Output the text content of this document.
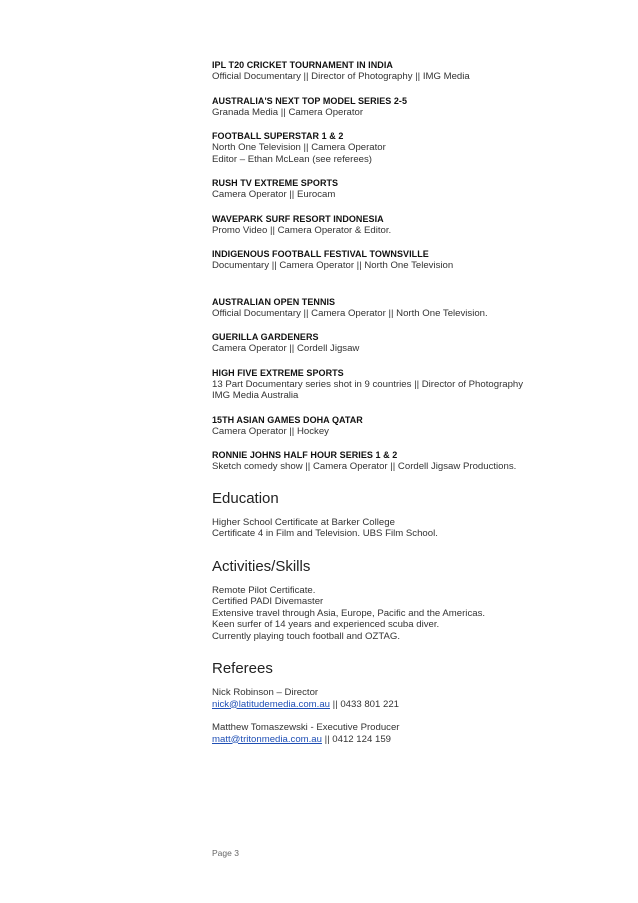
IPL T20 CRICKET TOURNAMENT IN INDIA
Official Documentary || Director of Photography || IMG Media
AUSTRALIA'S NEXT TOP MODEL SERIES 2-5
Granada Media || Camera Operator
FOOTBALL SUPERSTAR 1 & 2
North One Television || Camera Operator
Editor – Ethan McLean (see referees)
RUSH TV EXTREME SPORTS
Camera Operator || Eurocam
WAVEPARK SURF RESORT INDONESIA
Promo Video || Camera Operator & Editor.
INDIGENOUS FOOTBALL FESTIVAL TOWNSVILLE
Documentary || Camera Operator || North One Television
AUSTRALIAN OPEN TENNIS
Official Documentary || Camera Operator || North One Television.
GUERILLA GARDENERS
Camera Operator || Cordell Jigsaw
HIGH FIVE EXTREME SPORTS
13 Part Documentary series shot in 9 countries || Director of Photography
IMG Media Australia
15TH ASIAN GAMES DOHA QATAR
Camera Operator || Hockey
RONNIE JOHNS HALF HOUR SERIES 1 & 2
Sketch comedy show || Camera Operator || Cordell Jigsaw Productions.
Education
Higher School Certificate at Barker College
Certificate 4 in Film and Television. UBS Film School.
Activities/Skills
Remote Pilot Certificate.
Certified PADI Divemaster
Extensive travel through Asia, Europe, Pacific and the Americas.
Keen surfer of 14 years and experienced scuba diver.
Currently playing touch football and OZTAG.
Referees
Nick Robinson – Director
nick@latitudemedia.com.au || 0433 801 221
Matthew Tomaszewski - Executive Producer
matt@tritonmedia.com.au || 0412 124 159
Page 3
